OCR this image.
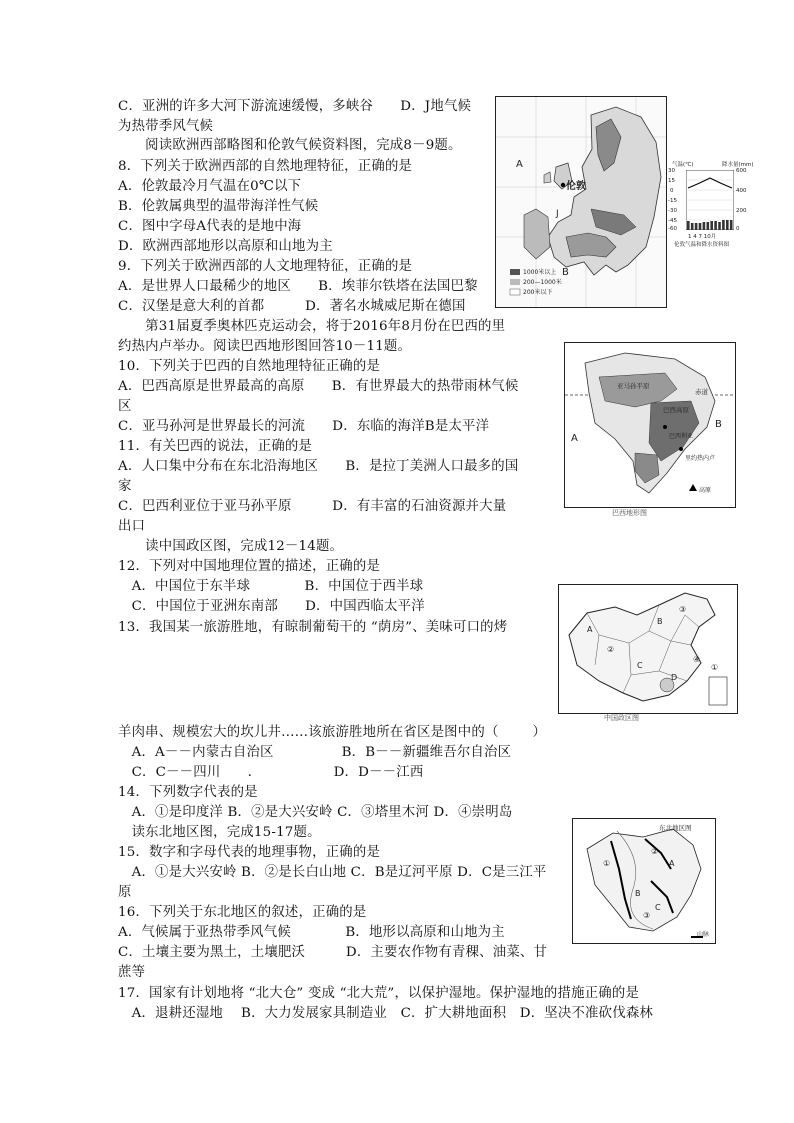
C．亚洲的许多大河下游流速缓慢，多峡谷　　D．J地气候
为热带季风气候
　　阅读欧洲西部略图和伦敦气候资料图，完成8－9题。
8．下列关于欧洲西部的自然地理特征，正确的是
A．伦敦最冷月气温在0℃以下
B．伦敦属典型的温带海洋性气候
C．图中字母A代表的是地中海
D．欧洲西部地形以高原和山地为主
9．下列关于欧洲西部的人文地理特征，正确的是
A．是世界人口最稀少的地区　　B．埃菲尔铁塔在法国巴黎
C．汉堡是意大利的首都　　　D．著名水城威尼斯在德国
　　第31届夏季奥林匹克运动会，将于2016年8月份在巴西的里
约热内卢举办。阅读巴西地形图回答10－11题。
10．下列关于巴西的自然地理特征正确的是
A．巴西高原是世界最高的高原　　B．有世界最大的热带雨林气候
区
C．亚马孙河是世界最长的河流　　D．东临的海洋B是太平洋
11．有关巴西的说法，正确的是
A．人口集中分布在东北沿海地区　　B．是拉丁美洲人口最多的国
家
C．巴西利亚位于亚马孙平原　　　D．有丰富的石油资源并大量
出口
　　读中国政区图，完成12－14题。
12．下列对中国地理位置的描述，正确的是
　A．中国位于东半球　　　　B．中国位于西半球
　C．中国位于亚洲东南部　　D．中国西临太平洋
13．我国某一旅游胜地，有晾制葡萄干的 “荫房”、美味可口的烤
羊肉串、规模宏大的坎儿井……该旅游胜地所在省区是图中的（	）
　A．A－－内蒙古自治区　　　　　B．B－－新疆维吾尔自治区
　C．C－－四川　　.　　　　　　D．D－－江西
14．下列数字代表的是
　A．①是印度洋 B．②是大兴安岭 C．③塔里木河 D．④崇明岛
　读东北地区图，完成15-17题。
15．数字和字母代表的地理事物，正确的是
　A．①是大兴安岭 B．②是长白山地 C．B是辽河平原 D．C是三江平
原
16．下列关于东北地区的叙述，正确的是
A．气候属于亚热带季风气候　　　　B．地形以高原和山地为主
C．土壤主要为黑土，土壤肥沃　　　D．主要农作物有青稞、油菜、甘
蔗等
17．国家有计划地将 “北大仓” 变成 “北大荒”，以保护湿地。保护湿地的措施正确的是
　A．退耕还湿地　 B．大力发展家具制造业　C．扩大耕地面积　D．坚决不准砍伐森林
A
B
J
伦敦
1000米以上
200—1000米
200米以下
气温(℃)	降水量(mm)
30
15
0
-15
-30
-45
-60
600
400
200
0
1 4 7 10月
伦敦气温和降水资料图
赤道
亚马孙平原
巴西高原
巴西利亚
里约热内卢
A
B
高原
巴西地形图
A
B
C
D
①
②
③
④
中国政区图
东北地区图
A
B
C
①
②
③
山脉
